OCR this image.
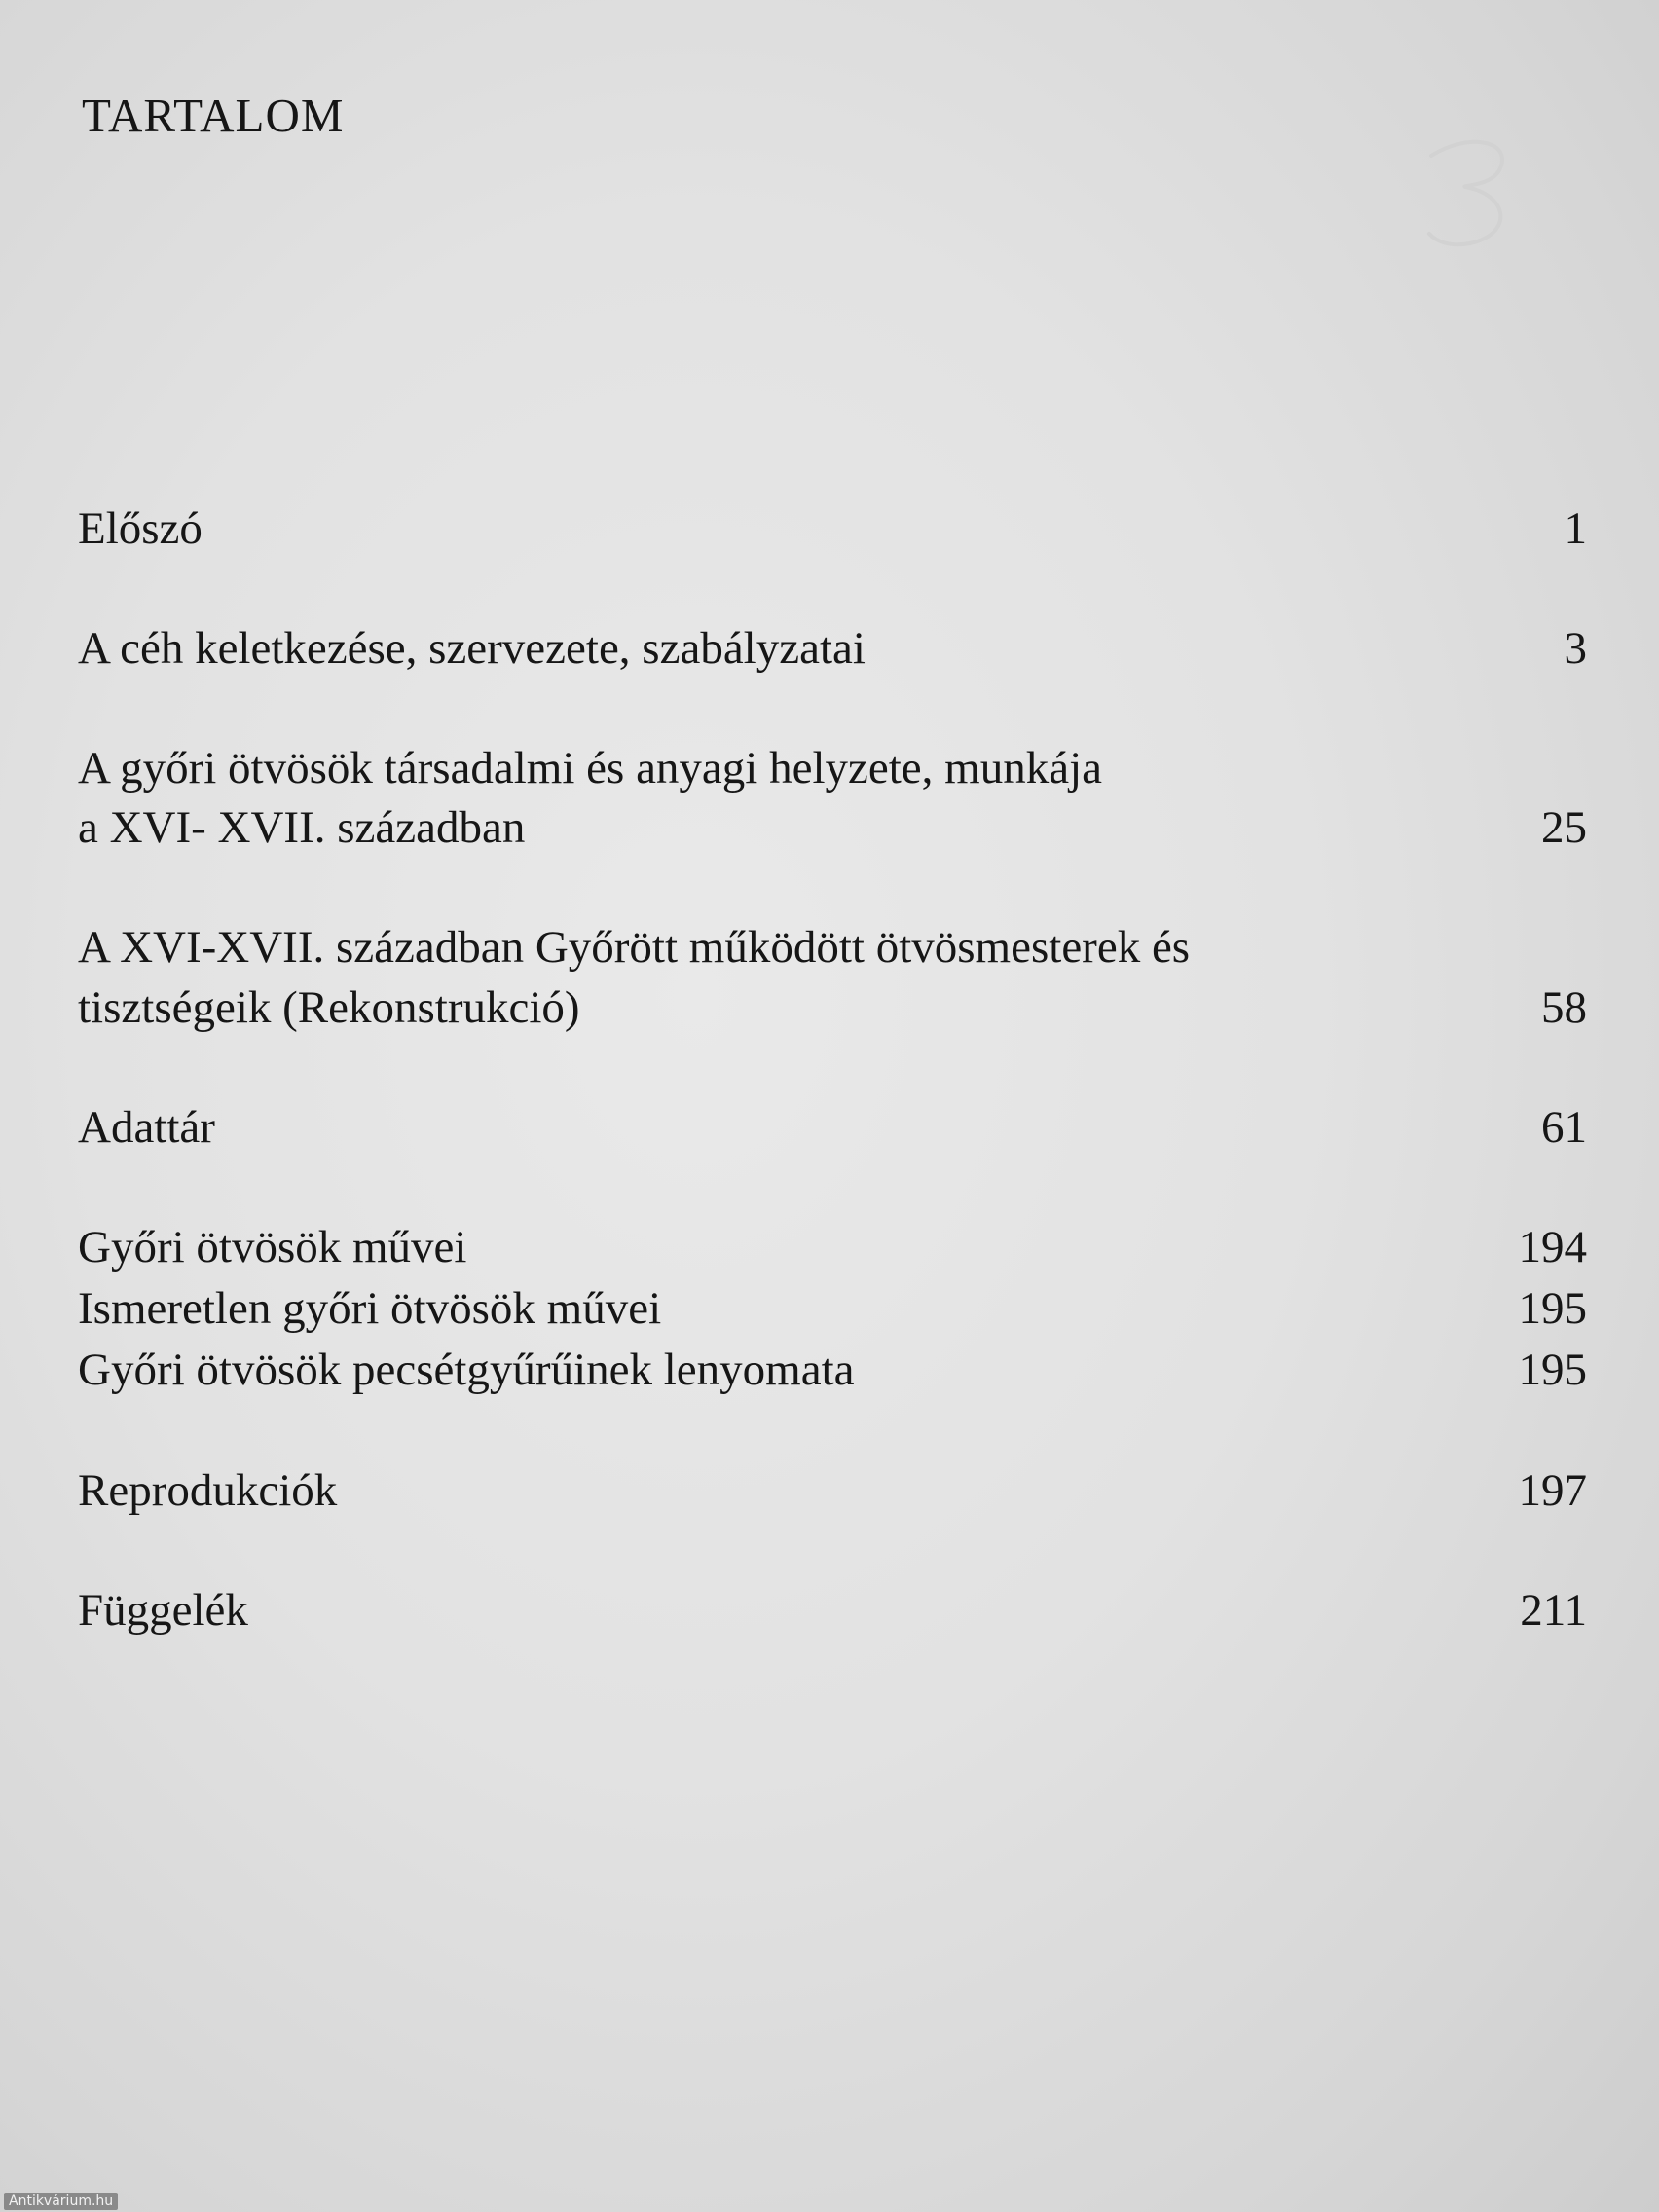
TARTALOM
Előszó	1
A céh keletkezése, szervezete, szabályzatai	3
A győri ötvösök társadalmi és anyagi helyzete, munkája
a XVI- XVII. században	25
A XVI-XVII. században Győrött működött ötvösmesterek és
tisztségeik (Rekonstrukció)	58
Adattár	61
Győri ötvösök művei	194
Ismeretlen győri ötvösök művei	195
Győri ötvösök pecsétgyűrűinek lenyomata	195
Reprodukciók	197
Függelék	211
Antikvárium.hu
